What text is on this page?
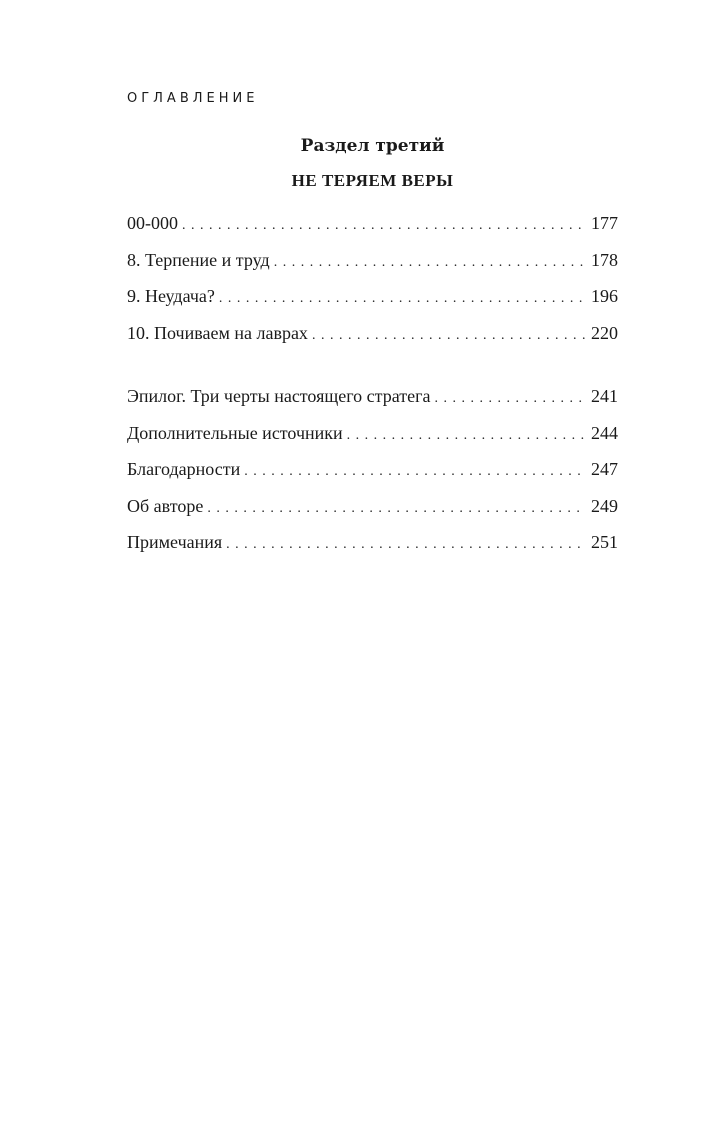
ОГЛАВЛЕНИЕ
Раздел третий
НЕ ТЕРЯЕМ ВЕРЫ
00-000 . . .	177
8. Терпение и труд . . .	178
9. Неудача? . . .	196
10. Почиваем на лаврах . . .	220
Эпилог. Три черты настоящего стратега . . .	241
Дополнительные источники . . .	244
Благодарности . . .	247
Об авторе . . .	249
Примечания . . .	251
